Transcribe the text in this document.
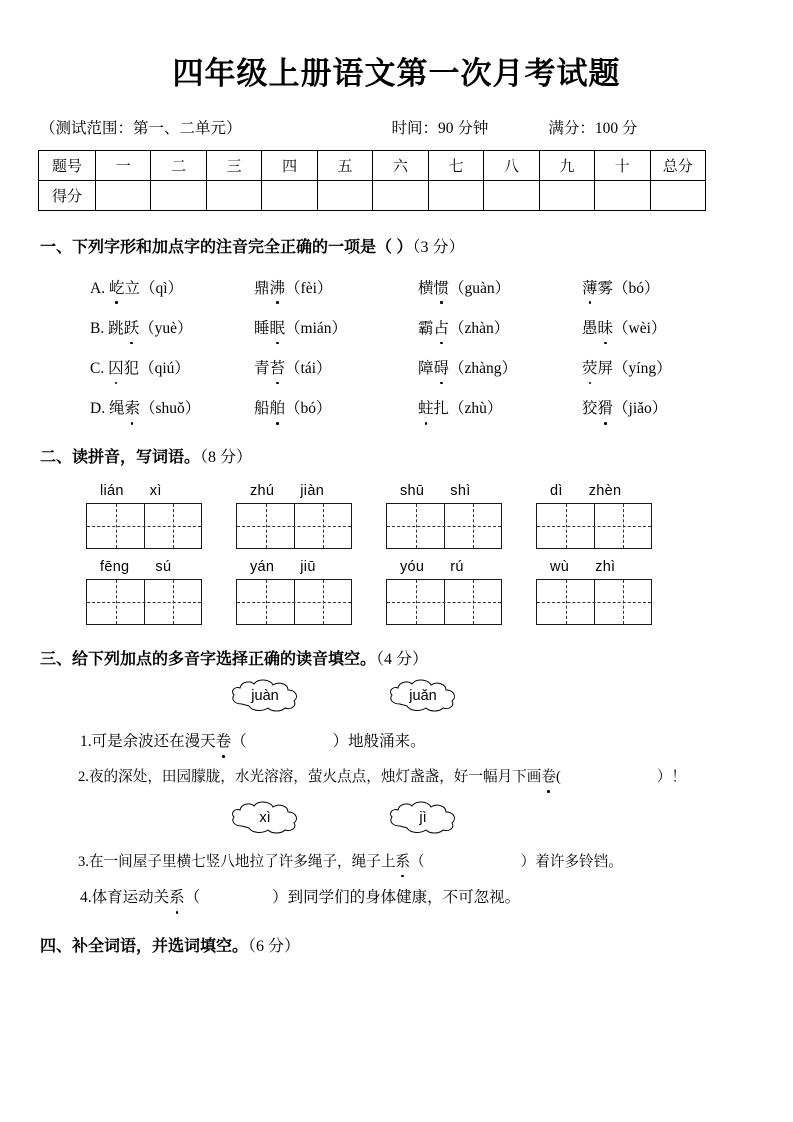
四年级上册语文第一次月考试题
（测试范围：第一、二单元）	时间：90 分钟	满分：100 分
题号	一	二	三	四	五	六	七	八	九	十	总分
得分											
一、下列字形和加点字的注音完全正确的一项是（ ）（3 分）
A. 屹立（qì）	鼎沸（fèi）	横惯（guàn）	薄雾（bó）
B. 跳跃（yuè）	睡眠（mián）	霸占（zhàn）	愚昧（wèi）
C. 囚犯（qiú）	青苔（tái）	障碍（zhàng）	荧屏（yíng）
D. 绳索（shuǒ）	船舶（bó）	蛀扎（zhù）	狡猾（jiǎo）
二、读拼音，写词语。（8 分）
lián xì	zhú jiàn	shū shì	dì zhèn
fēng sú	yán jiū	yóu rú	wù zhì
三、给下列加点的多音字选择正确的读音填空。（4 分）
juàn	juǎn
1.可是余波还在漫天卷（	）地般涌来。
2.夜的深处，田园朦胧，水光溶溶，萤火点点，烛灯盏盏，好一幅月下画卷(	）！
xì	jì
3.在一间屋子里横七竖八地拉了许多绳子，绳子上系（	）着许多铃铛。
4.体育运动关系（	）到同学们的身体健康，不可忽视。
四、补全词语，并选词填空。（6 分）
